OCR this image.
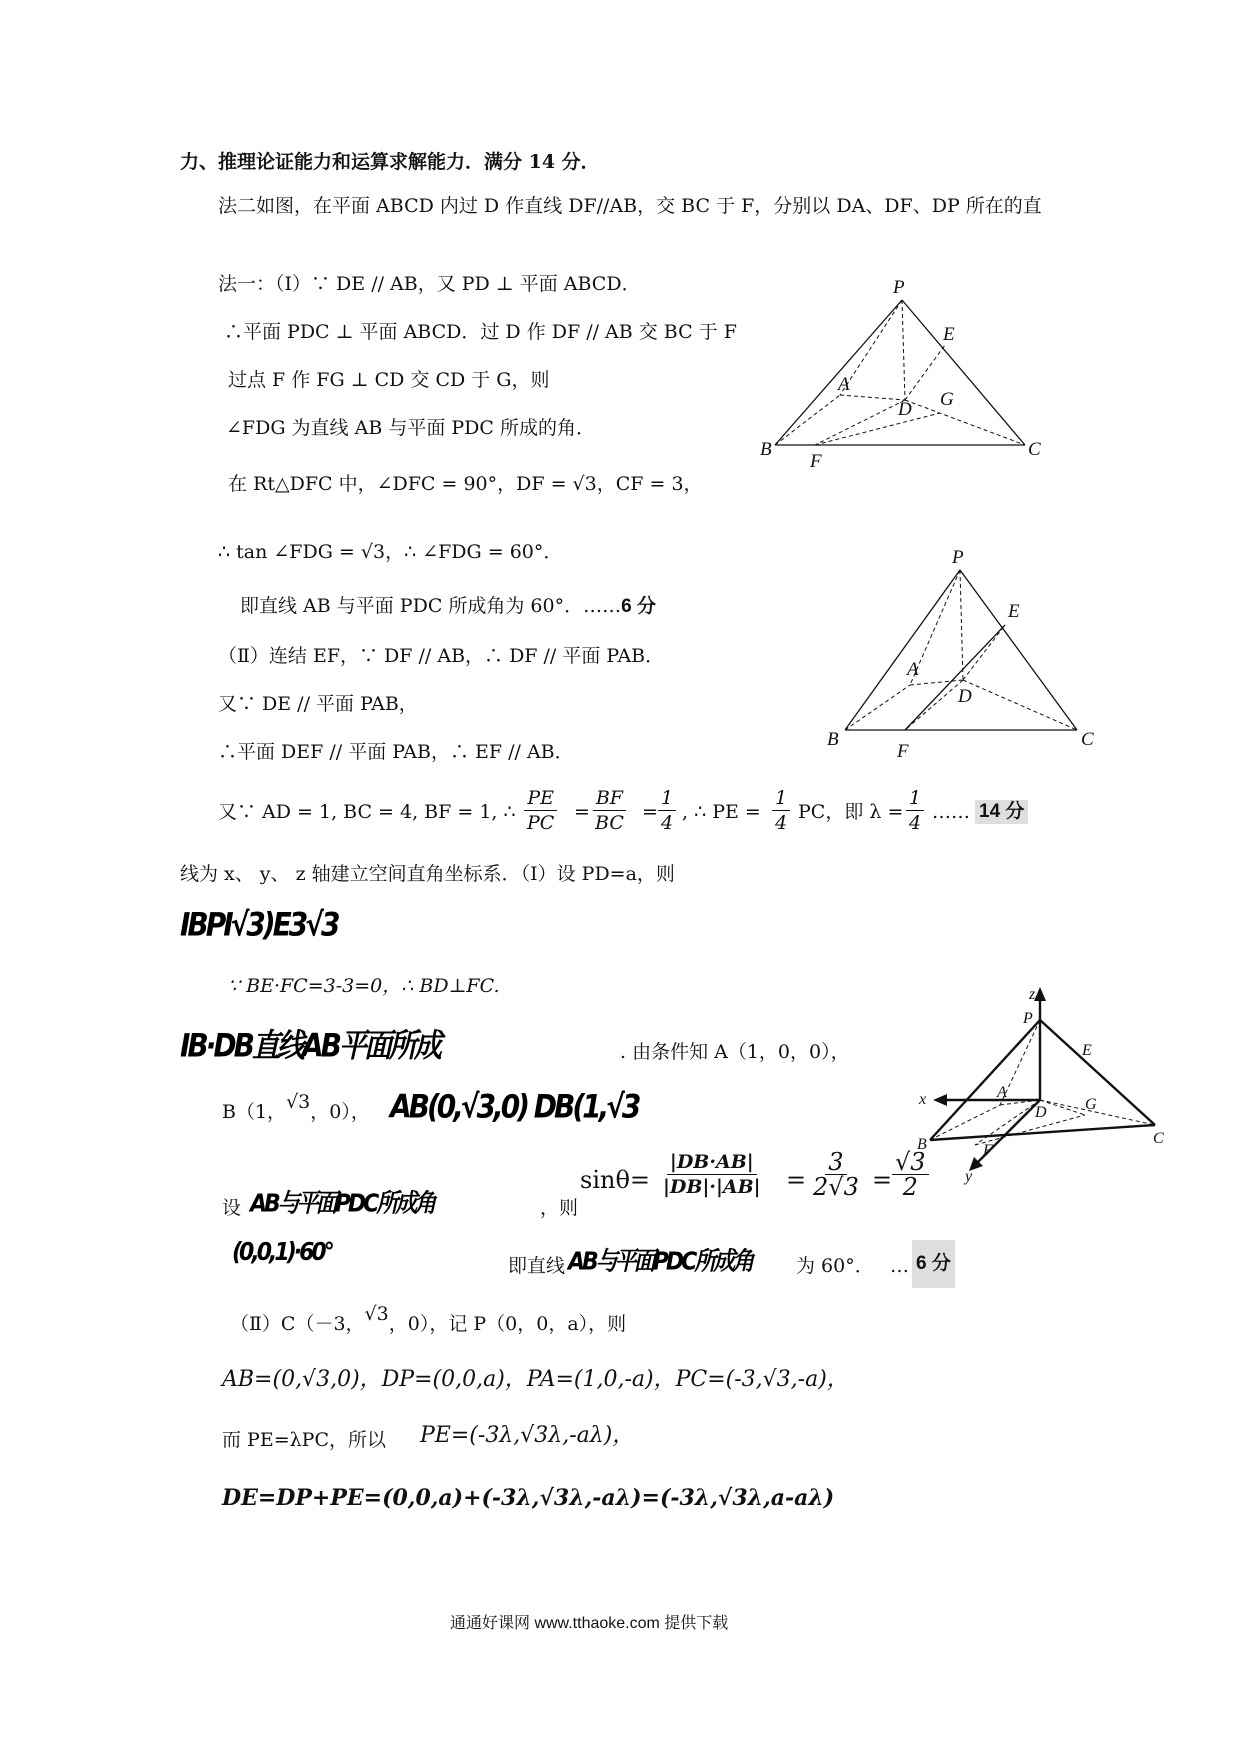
力、推理论证能力和运算求解能力．满分 14 分．
法二如图，在平面 ABCD 内过 D 作直线 DF//AB，交 BC 于 F，分别以 DA、DF、DP 所在的直
法一：（Ⅰ）∵ DE // AB，又 PD ⊥ 平面 ABCD．
∴平面 PDC ⊥ 平面 ABCD．过 D 作 DF // AB 交 BC 于 F
过点 F 作 FG ⊥ CD 交 CD 于 G，则
∠FDG 为直线 AB 与平面 PDC 所成的角．
在 Rt△DFC 中，∠DFC = 90°，DF = √3，CF = 3，
∴ tan ∠FDG = √3，∴ ∠FDG = 60°．
即直线 AB 与平面 PDC 所成角为 60°．……6 分
（Ⅱ）连结 EF，∵ DF // AB，∴ DF // 平面 PAB．
又∵ DE // 平面 PAB，
∴平面 DEF // 平面 PAB，∴ EF // AB．
又∵ AD = 1, BC = 4, BF = 1, ∴
PE
PC =
BF
BC =
1
4 , ∴ PE =
1
4 PC，即 λ =
1
4 …… 14 分
线为 x、 y、 z 轴建立空间直角坐标系．（Ⅰ）设 PD=a，则
IBPI√3)E3√3
∵ BE·FC=3-3=0，∴ BD⊥FC.
IB·DB直线AB平面所成	. 由条件知 A（1，0，0），
B（1，√3，0）， AB(0,√3,0) DB(1,√3
sinθ=
|DB·AB|
|DB|·|AB| =
3
2√3 =
√3
2
设 AB与平面PDC所成角	，则
(0,0,1)·60°	即直线 AB与平面PDC所成角 为 60°． … 6 分
（Ⅱ）C（－3，√3，0），记 P（0，0，a），则
AB=(0,√3,0)，DP=(0,0,a)，PA=(1,0,-a)，PC=(-3,√3,-a)，
而 PE=λPC，所以 PE=(-3λ,√3λ,-aλ)，
DE=DP+PE=(0,0,a)+(-3λ,√3λ,-aλ)=(-3λ,√3λ,a-aλ)
通通好课网 www.tthaoke.com 提供下载
P
E
A
D G
B
F
C
P
E
A
D
B
F
C
z
P
E
A
x
D G
B	F
y
C
